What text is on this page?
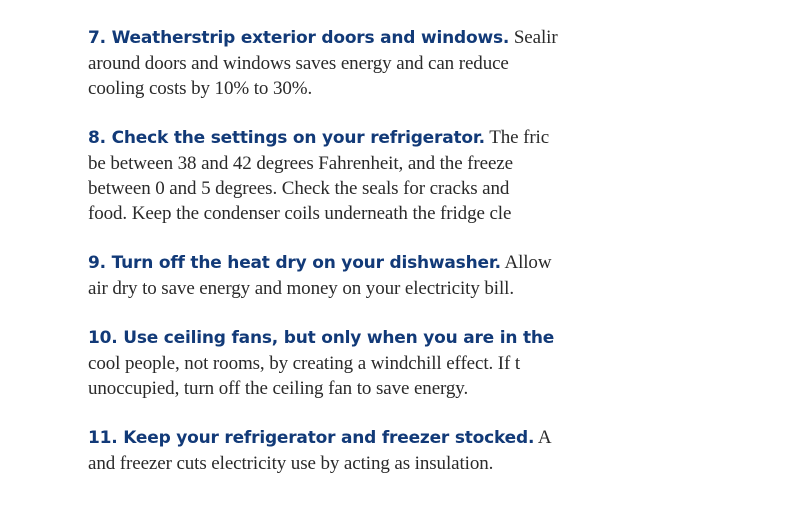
7. Weatherstrip exterior doors and windows. Sealir
around doors and windows saves energy and can reduce
cooling costs by 10% to 30%.
8. Check the settings on your refrigerator. The fric
be between 38 and 42 degrees Fahrenheit, and the freeze
between 0 and 5 degrees. Check the seals for cracks and
food. Keep the condenser coils underneath the fridge cle
9. Turn off the heat dry on your dishwasher. Allow
air dry to save energy and money on your electricity bill.
10. Use ceiling fans, but only when you are in the
cool people, not rooms, by creating a windchill effect. If t
unoccupied, turn off the ceiling fan to save energy.
11. Keep your refrigerator and freezer stocked. A
and freezer cuts electricity use by acting as insulation.
